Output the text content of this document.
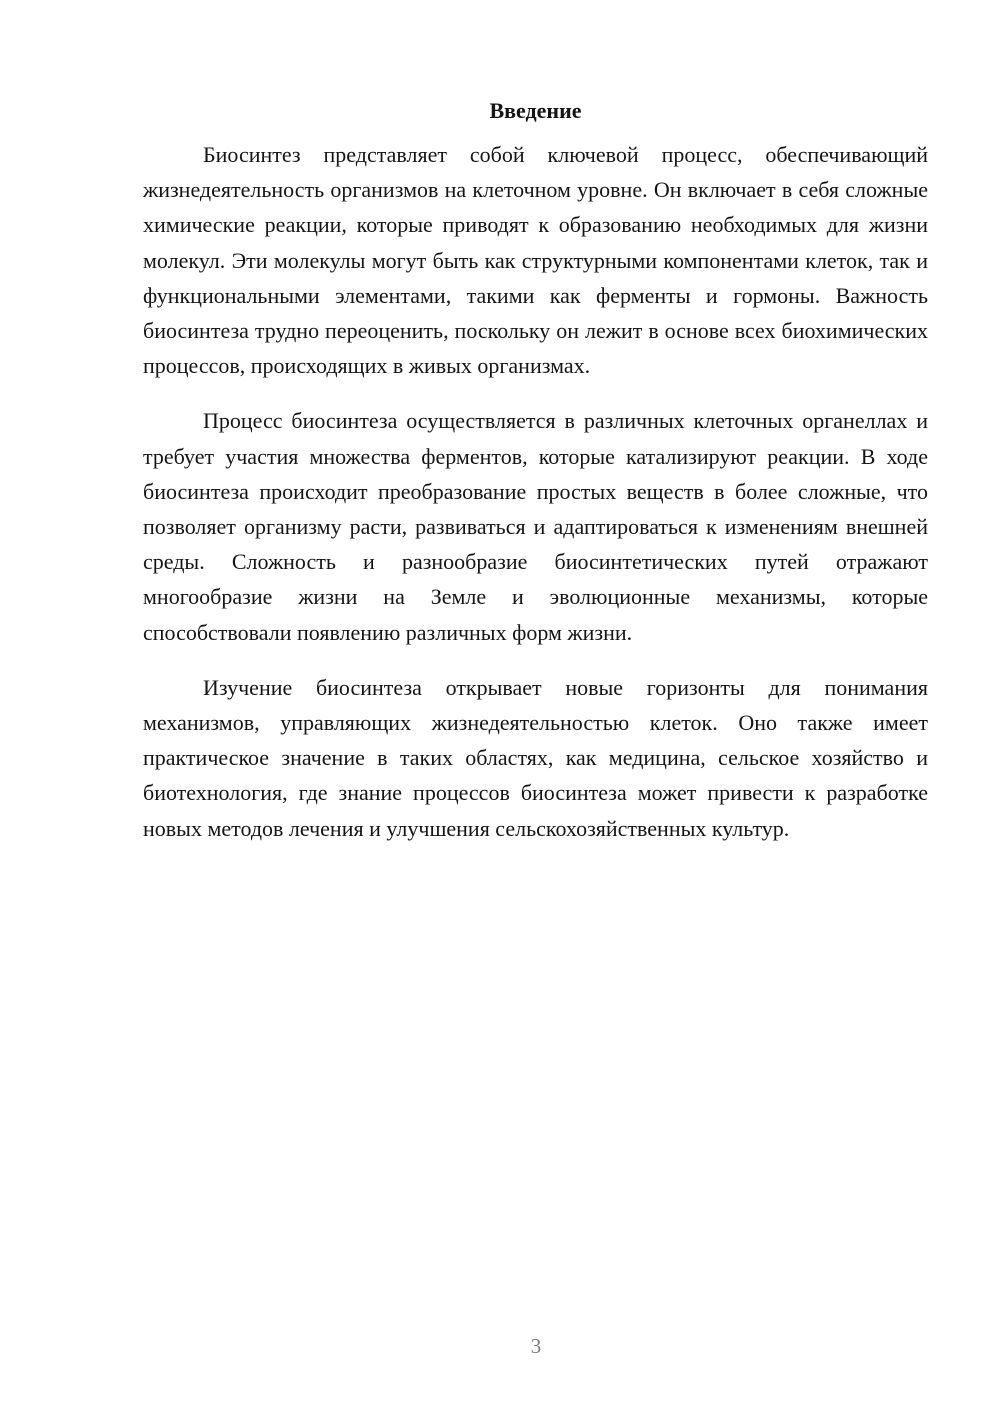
Введение

Биосинтез представляет собой ключевой процесс, обеспечивающий жизнедеятельность организмов на клеточном уровне. Он включает в себя сложные химические реакции, которые приводят к образованию необходимых для жизни молекул. Эти молекулы могут быть как структурными компонентами клеток, так и функциональными элементами, такими как ферменты и гормоны. Важность биосинтеза трудно переоценить, поскольку он лежит в основе всех биохимических процессов, происходящих в живых организмах.

Процесс биосинтеза осуществляется в различных клеточных органеллах и требует участия множества ферментов, которые катализируют реакции. В ходе биосинтеза происходит преобразование простых веществ в более сложные, что позволяет организму расти, развиваться и адаптироваться к изменениям внешней среды. Сложность и разнообразие биосинтетических путей отражают многообразие жизни на Земле и эволюционные механизмы, которые способствовали появлению различных форм жизни.

Изучение биосинтеза открывает новые горизонты для понимания механизмов, управляющих жизнедеятельностью клеток. Оно также имеет практическое значение в таких областях, как медицина, сельское хозяйство и биотехнология, где знание процессов биосинтеза может привести к разработке новых методов лечения и улучшения сельскохозяйственных культур.

3
